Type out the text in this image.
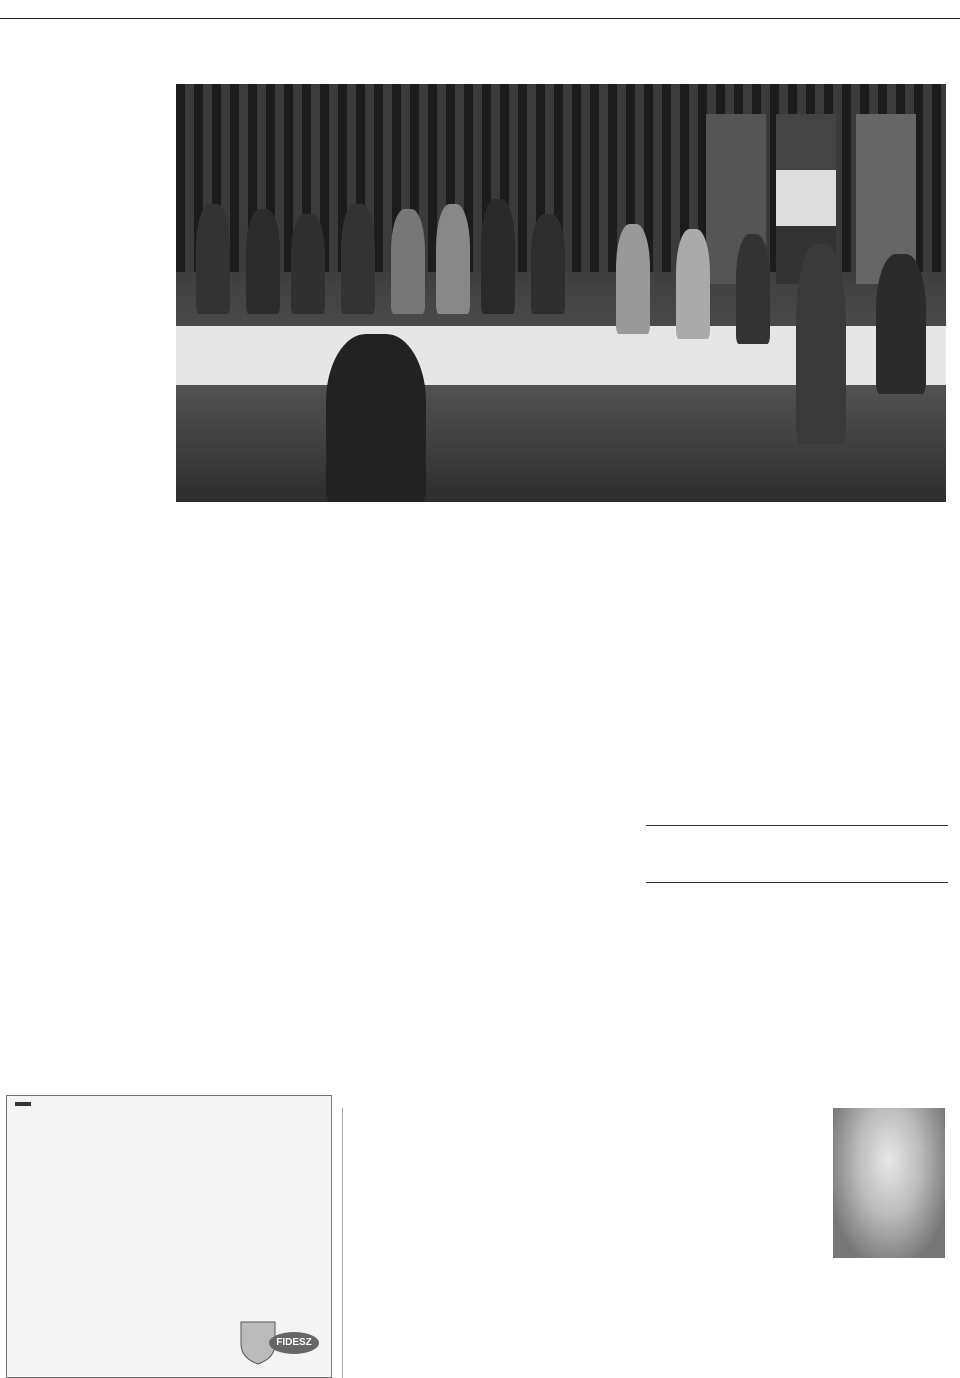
FIDESZ
